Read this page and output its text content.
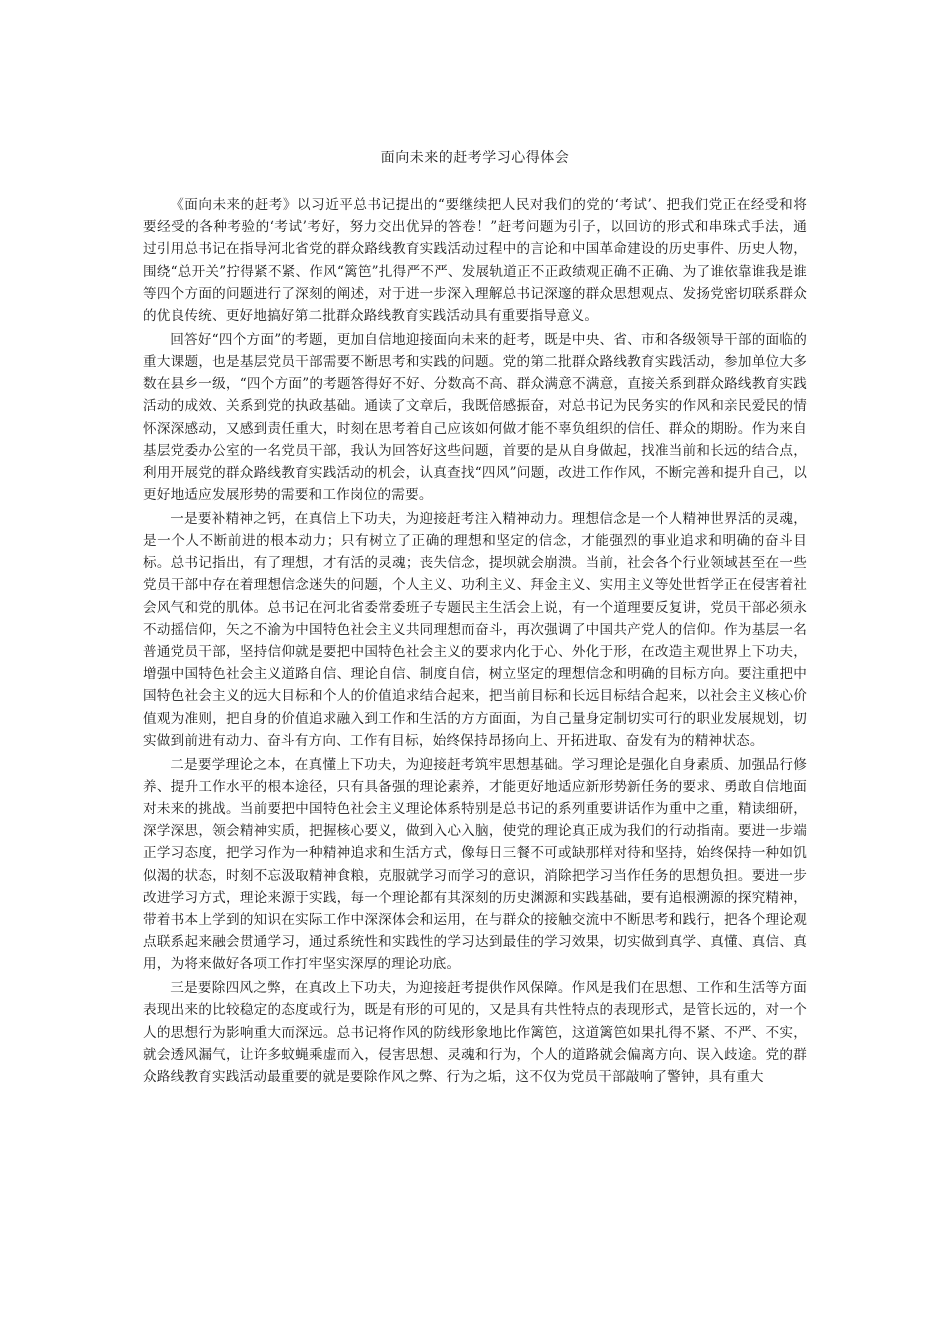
面向未来的赶考学习心得体会

《面向未来的赶考》以习近平总书记提出的“要继续把人民对我们的党的‘考试’、把我们党正在经受和将要经受的各种考验的‘考试’考好，努力交出优异的答卷！”赶考问题为引子，以回访的形式和串珠式手法，通过引用总书记在指导河北省党的群众路线教育实践活动过程中的言论和中国革命建设的历史事件、历史人物，围绕“总开关”拧得紧不紧、作风“篱笆”扎得严不严、发展轨道正不正政绩观正确不正确、为了谁依靠谁我是谁等四个方面的问题进行了深刻的阐述，对于进一步深入理解总书记深邃的群众思想观点、发扬党密切联系群众的优良传统、更好地搞好第二批群众路线教育实践活动具有重要指导意义。

回答好“四个方面”的考题，更加自信地迎接面向未来的赶考，既是中央、省、市和各级领导干部的面临的重大课题，也是基层党员干部需要不断思考和实践的问题。党的第二批群众路线教育实践活动，参加单位大多数在县乡一级，“四个方面”的考题答得好不好、分数高不高、群众满意不满意，直接关系到群众路线教育实践活动的成效、关系到党的执政基础。通读了文章后，我既倍感振奋，对总书记为民务实的作风和亲民爱民的情怀深深感动，又感到责任重大，时刻在思考着自己应该如何做才能不辜负组织的信任、群众的期盼。作为来自基层党委办公室的一名党员干部，我认为回答好这些问题，首要的是从自身做起，找准当前和长远的结合点，利用开展党的群众路线教育实践活动的机会，认真查找“四风”问题，改进工作作风，不断完善和提升自己，以更好地适应发展形势的需要和工作岗位的需要。

一是要补精神之钙，在真信上下功夫，为迎接赶考注入精神动力。理想信念是一个人精神世界活的灵魂，是一个人不断前进的根本动力；只有树立了正确的理想和坚定的信念，才能强烈的事业追求和明确的奋斗目标。总书记指出，有了理想，才有活的灵魂；丧失信念，提坝就会崩溃。当前，社会各个行业领域甚至在一些党员干部中存在着理想信念迷失的问题，个人主义、功利主义、拜金主义、实用主义等处世哲学正在侵害着社会风气和党的肌体。总书记在河北省委常委班子专题民主生活会上说，有一个道理要反复讲，党员干部必须永不动摇信仰，矢之不渝为中国特色社会主义共同理想而奋斗，再次强调了中国共产党人的信仰。作为基层一名普通党员干部，坚持信仰就是要把中国特色社会主义的要求内化于心、外化于形，在改造主观世界上下功夫，增强中国特色社会主义道路自信、理论自信、制度自信，树立坚定的理想信念和明确的目标方向。要注重把中国特色社会主义的远大目标和个人的价值追求结合起来，把当前目标和长远目标结合起来，以社会主义核心价值观为准则，把自身的价值追求融入到工作和生活的方方面面，为自己量身定制切实可行的职业发展规划，切实做到前进有动力、奋斗有方向、工作有目标，始终保持昂扬向上、开拓进取、奋发有为的精神状态。

二是要学理论之本，在真懂上下功夫，为迎接赶考筑牢思想基础。学习理论是强化自身素质、加强品行修养、提升工作水平的根本途径，只有具备强的理论素养，才能更好地适应新形势新任务的要求、勇敢自信地面对未来的挑战。当前要把中国特色社会主义理论体系特别是总书记的系列重要讲话作为重中之重，精读细研，深学深思，领会精神实质，把握核心要义，做到入心入脑，使党的理论真正成为我们的行动指南。要进一步端正学习态度，把学习作为一种精神追求和生活方式，像每日三餐不可或缺那样对待和坚持，始终保持一种如饥似渴的状态，时刻不忘汲取精神食粮，克服就学习而学习的意识，消除把学习当作任务的思想负担。要进一步改进学习方式，理论来源于实践，每一个理论都有其深刻的历史渊源和实践基础，要有追根溯源的探究精神，带着书本上学到的知识在实际工作中深深体会和运用，在与群众的接触交流中不断思考和践行，把各个理论观点联系起来融会贯通学习，通过系统性和实践性的学习达到最佳的学习效果，切实做到真学、真懂、真信、真用，为将来做好各项工作打牢坚实深厚的理论功底。

三是要除四风之弊，在真改上下功夫，为迎接赶考提供作风保障。作风是我们在思想、工作和生活等方面表现出来的比较稳定的态度或行为，既是有形的可见的，又是具有共性特点的表现形式，是管长远的，对一个人的思想行为影响重大而深远。总书记将作风的防线形象地比作篱笆，这道篱笆如果扎得不紧、不严、不实，就会透风漏气，让许多蚊蝇乘虚而入，侵害思想、灵魂和行为，个人的道路就会偏离方向、误入歧途。党的群众路线教育实践活动最重要的就是要除作风之弊、行为之垢，这不仅为党员干部敲响了警钟，具有重大
